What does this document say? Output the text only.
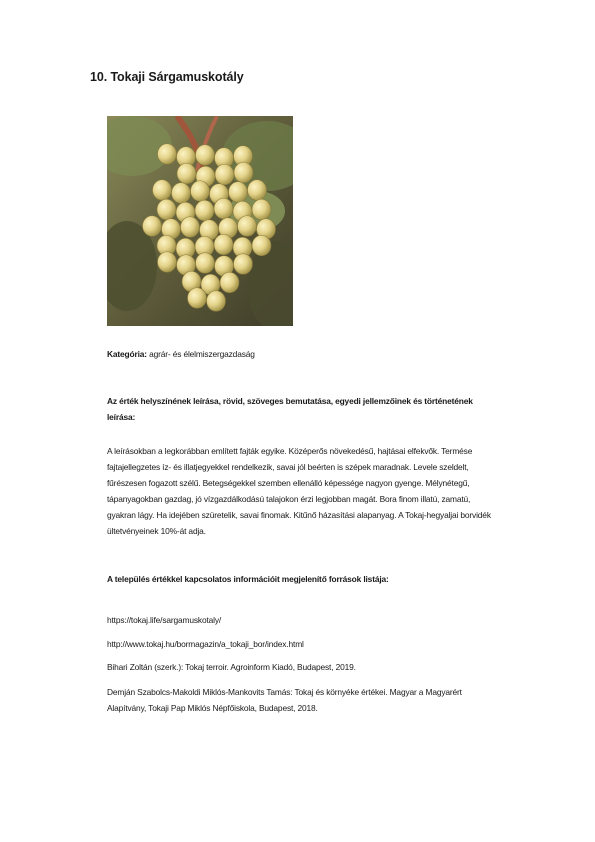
10. Tokaji Sárgamuskotály
Kategória: agrár- és élelmiszergazdaság
Az érték helyszínének leírása, rövid, szöveges bemutatása, egyedi jellemzőinek és történetének leírása:
A leírásokban a legkorábban említett fajták egyike. Középerős növekedésű, hajtásai elfekvők. Termése fajtajellegzetes íz- és illatjegyekkel rendelkezik, savai jól beérten is szépek maradnak. Levele szeldelt, fűrészesen fogazott szélű. Betegségekkel szemben ellenálló képessége nagyon gyenge. Mélynétegű, tápanyagokban gazdag, jó vízgazdálkodású talajokon érzi legjobban magát. Bora finom illatú, zamatú, gyakran lágy. Ha idejében szüretelik, savai finomak. Kitűnő házasítási alapanyag. A Tokaj-hegyaljai borvidék ültetvényeinek 10%-át adja.
A település értékkel kapcsolatos információit megjelenítő források listája:
https://tokaj.life/sargamuskotaly/
http://www.tokaj.hu/bormagazin/a_tokaji_bor/index.html
Bihari Zoltán (szerk.): Tokaj terroir. Agroinform Kiadó, Budapest, 2019.
Demján Szabolcs-Makoldi Miklós-Mankovits Tamás: Tokaj és környéke értékei. Magyar a Magyarért Alapítvány, Tokaji Pap Miklós Népfőiskola, Budapest, 2018.
